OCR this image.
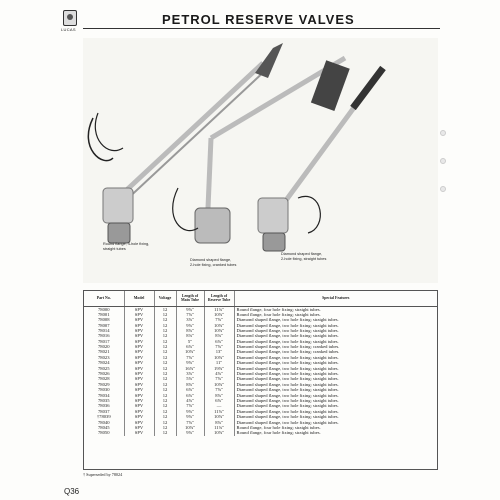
LUCAS
PETROL RESERVE VALVES
Round flange, 4-hole fixing,
straight tubes
Diamond shaped flange,
2-hole fixing, cranked tubes
Diamond shaped flange,
2-hole fixing, straight tubes
Part No.	Model	Voltage	Length of
Main Tube	Length of
Reserve Tube	Special Features
78000	SPV	12	9⅞"	11⅛"	Round flange, four hole fixing; straight tubes.
78001	SPV	12	7⅞"	10⅞"	Round flange, four hole fixing; straight tubes.
78008	SPV	12	3⅞"	7⅞"	Diamond shaped flange, two hole fixing; straight tubes.
78007	SPV	12	9⅞"	10⅞"	Diamond shaped flange, two hole fixing; straight tubes.
78014	SPV	12	8⅞"	10⅞"	Diamond shaped flange, two hole fixing; straight tubes.
78016	SPV	12	8⅛"	8⅛"	Diamond shaped flange, two hole fixing; straight tubes.
78017	SPV	12	5"	6⅞"	Diamond shaped flange, two hole fixing; straight tubes.
78020	SPV	12	6⅞"	7⅞"	Diamond shaped flange, two hole fixing; cranked tubes.
78021	SPV	12	10⅞"	13"	Diamond shaped flange, two hole fixing; cranked tubes.
78023	SPV	12	7⅞"	10⅞"	Diamond shaped flange, two hole fixing; straight tubes.
78024	SPV	12	9⅞"	11"	Diamond shaped flange, two hole fixing; straight tubes.
78025	SPV	12	16⅞"	19⅞"	Diamond shaped flange, two hole fixing; straight tubes.
78026	SPV	12	3⅞"	4⅞"	Diamond shaped flange, two hole fixing; straight tubes.
78028	SPV	12	5⅞"	7⅞"	Diamond shaped flange, two hole fixing; straight tubes.
78029	SPV	12	8⅞"	10⅞"	Diamond shaped flange, two hole fixing; straight tubes.
78030	SPV	12	6⅞"	7⅞"	Diamond shaped flange, two hole fixing; straight tubes.
78034	SPV	12	6⅞"	8⅞"	Diamond shaped flange, two hole fixing; straight tubes.
78035	SPV	12	4⅞"	6⅞"	Diamond shaped flange, two hole fixing; straight tubes.
78036	SPV	12	7⅞"	—	Diamond shaped flange, two hole fixing; straight tubes.
78037	SPV	12	9⅞"	11⅞"	Diamond shaped flange, two hole fixing; straight tubes.
†78039	SPV	12	9⅞"	10⅞"	Diamond shaped flange, two hole fixing; straight tubes.
78040	SPV	12	7⅞"	8⅞"	Diamond shaped flange, two hole fixing; straight tubes.
78045	SPV	12	10⅞"	11⅛"	Round flange, four hole fixing; straight tubes.
78050	SPV	12	9⅞"	10⅞"	Round flange, four hole fixing; straight tubes.
† Superseded by 78024
Q36
